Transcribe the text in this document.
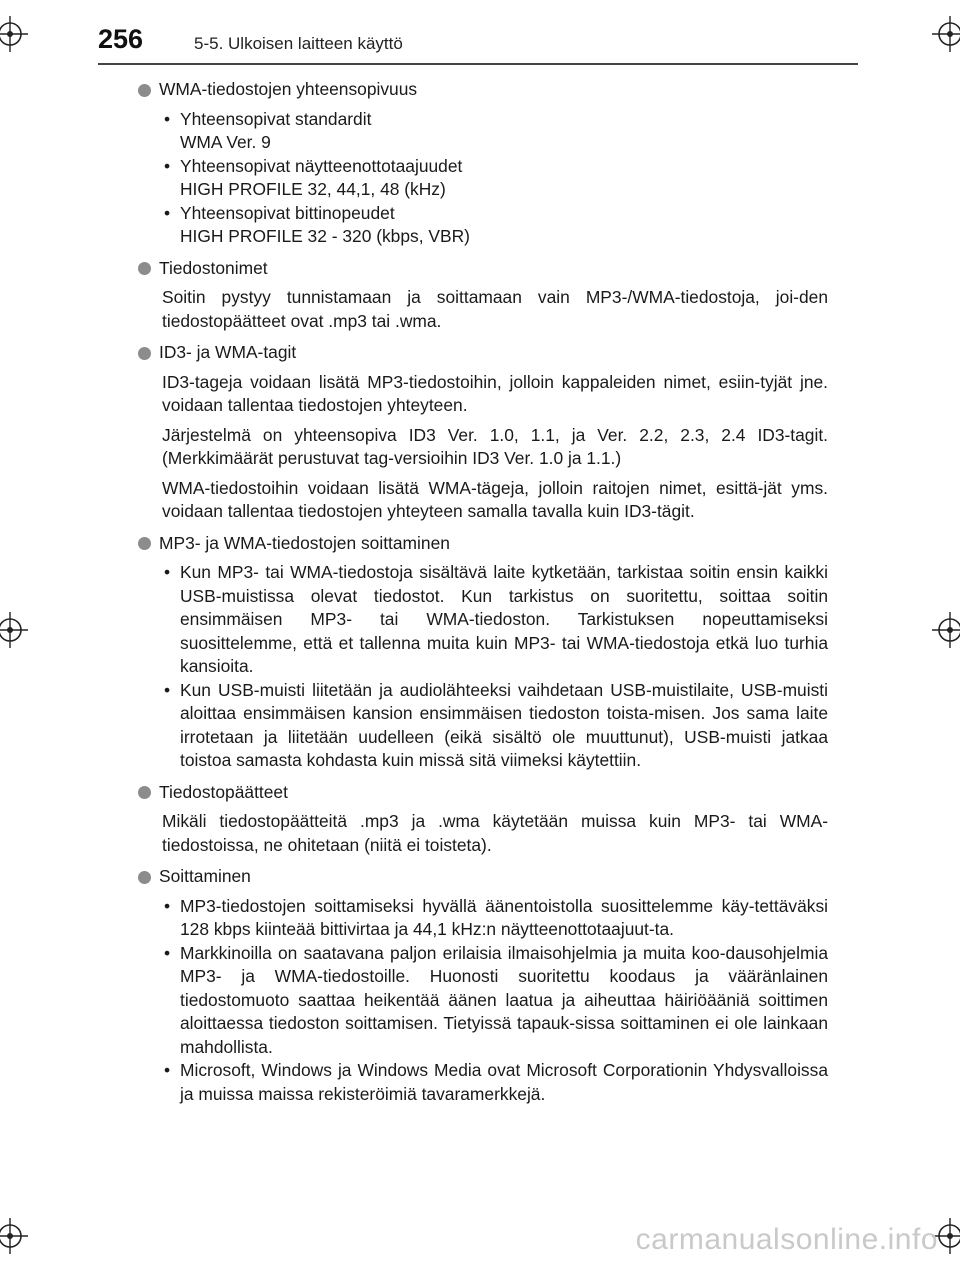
256	5-5. Ulkoisen laitteen käyttö
WMA-tiedostojen yhteensopivuus
• Yhteensopivat standardit
WMA Ver. 9
• Yhteensopivat näytteenottotaajuudet
HIGH PROFILE 32, 44,1, 48 (kHz)
• Yhteensopivat bittinopeudet
HIGH PROFILE 32 - 320 (kbps, VBR)
Tiedostonimet
Soitin pystyy tunnistamaan ja soittamaan vain MP3-/WMA-tiedostoja, joi-den tiedostopäätteet ovat .mp3 tai .wma.
ID3- ja WMA-tagit
ID3-tageja voidaan lisätä MP3-tiedostoihin, jolloin kappaleiden nimet, esiin-tyjät jne. voidaan tallentaa tiedostojen yhteyteen.
Järjestelmä on yhteensopiva ID3 Ver. 1.0, 1.1, ja Ver. 2.2, 2.3, 2.4 ID3-tagit. (Merkkimäärät perustuvat tag-versioihin ID3 Ver. 1.0 ja 1.1.)
WMA-tiedostoihin voidaan lisätä WMA-tägeja, jolloin raitojen nimet, esittä-jät yms. voidaan tallentaa tiedostojen yhteyteen samalla tavalla kuin ID3-tägit.
MP3- ja WMA-tiedostojen soittaminen
• Kun MP3- tai WMA-tiedostoja sisältävä laite kytketään, tarkistaa soitin ensin kaikki USB-muistissa olevat tiedostot. Kun tarkistus on suoritettu, soittaa soitin ensimmäisen MP3- tai WMA-tiedoston. Tarkistuksen nopeuttamiseksi suosittelemme, että et tallenna muita kuin MP3- tai WMA-tiedostoja etkä luo turhia kansioita.
• Kun USB-muisti liitetään ja audiolähteeksi vaihdetaan USB-muistilaite, USB-muisti aloittaa ensimmäisen kansion ensimmäisen tiedoston toista-misen. Jos sama laite irrotetaan ja liitetään uudelleen (eikä sisältö ole muuttunut), USB-muisti jatkaa toistoa samasta kohdasta kuin missä sitä viimeksi käytettiin.
Tiedostopäätteet
Mikäli tiedostopäätteitä .mp3 ja .wma käytetään muissa kuin MP3- tai WMA-tiedostoissa, ne ohitetaan (niitä ei toisteta).
Soittaminen
• MP3-tiedostojen soittamiseksi hyvällä äänentoistolla suosittelemme käy-tettäväksi 128 kbps kiinteää bittivirtaa ja 44,1 kHz:n näytteenottotaajuut-ta.
• Markkinoilla on saatavana paljon erilaisia ilmaisohjelmia ja muita koo-dausohjelmia MP3- ja WMA-tiedostoille. Huonosti suoritettu koodaus ja vääränlainen tiedostomuoto saattaa heikentää äänen laatua ja aiheuttaa häiriöääniä soittimen aloittaessa tiedoston soittamisen. Tietyissä tapauk-sissa soittaminen ei ole lainkaan mahdollista.
• Microsoft, Windows ja Windows Media ovat Microsoft Corporationin Yhdysvalloissa ja muissa maissa rekisteröimiä tavaramerkkejä.
carmanualsonline.info
